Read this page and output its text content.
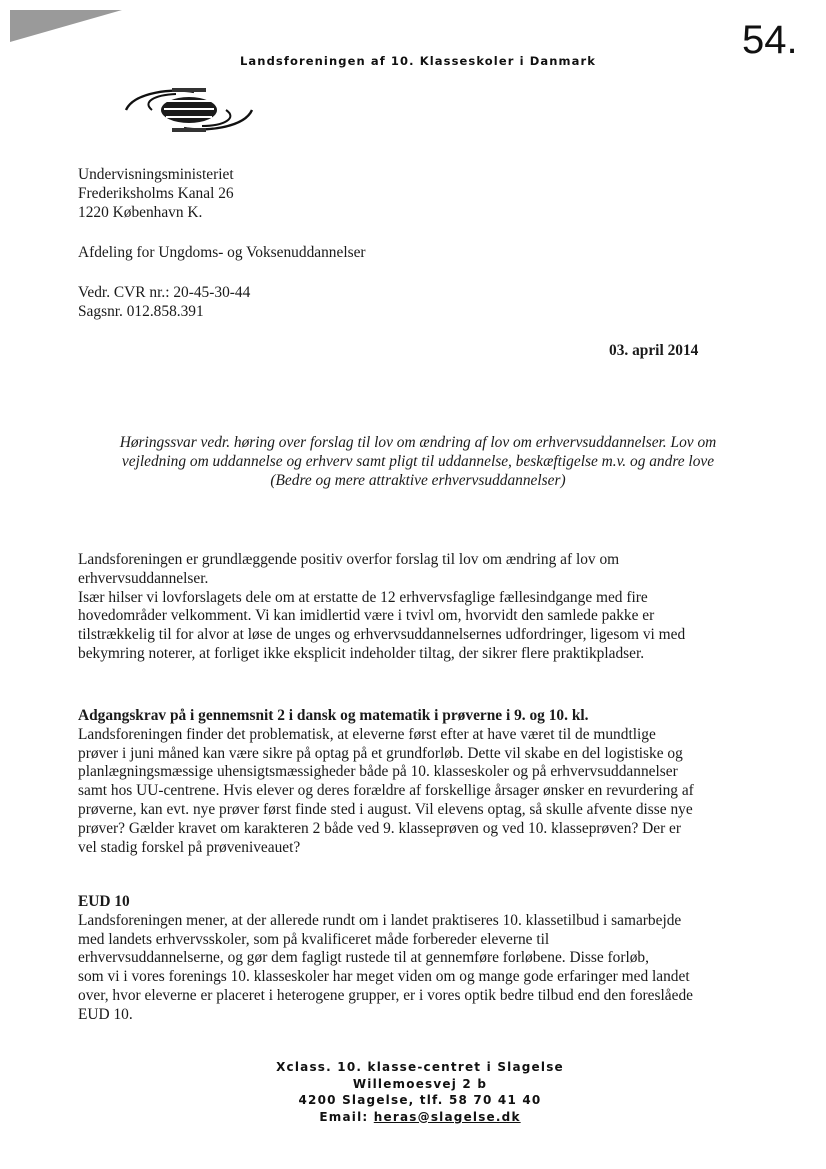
54.
Landsforeningen af 10. Klasseskoler i Danmark

Undervisningsministeriet

Frederiksholms Kanal 26

1220 København K.

Afdeling for Ungdoms- og Voksenuddannelser

Vedr. CVR nr.: 20-45-30-44

Sagsnr. 012.858.391

03. april 2014

Høringssvar vedr. høring over forslag til lov om ændring af lov om erhvervsuddannelser. Lov om

vejledning om uddannelse og erhverv samt pligt til uddannelse, beskæftigelse m.v. og andre love

(Bedre og mere attraktive erhvervsuddannelser)

Landsforeningen er grundlæggende positiv overfor forslag til lov om ændring af lov om

erhvervsuddannelser.

Især hilser vi lovforslagets dele om at erstatte de 12 erhvervsfaglige fællesindgange med fire

hovedområder velkomment. Vi kan imidlertid være i tvivl om, hvorvidt den samlede pakke er

tilstrækkelig til for alvor at løse de unges og erhvervsuddannelsernes udfordringer, ligesom vi med

bekymring noterer, at forliget ikke eksplicit indeholder tiltag, der sikrer flere praktikpladser.

Adgangskrav på i gennemsnit 2 i dansk og matematik i prøverne i 9. og 10. kl.

Landsforeningen finder det problematisk, at eleverne først efter at have været til de mundtlige

prøver i juni måned kan være sikre på optag på et grundforløb. Dette vil skabe en del logistiske og

planlægningsmæssige uhensigtsmæssigheder både på 10. klasseskoler og på erhvervsuddannelser

samt hos UU-centrene. Hvis elever og deres forældre af forskellige årsager ønsker en revurdering af

prøverne, kan evt. nye prøver først finde sted i august. Vil elevens optag, så skulle afvente disse nye

prøver? Gælder kravet om karakteren 2 både ved 9. klasseprøven og ved 10. klasseprøven? Der er

vel stadig forskel på prøveniveauet?

EUD 10

Landsforeningen mener, at der allerede rundt om i landet praktiseres 10. klassetilbud i samarbejde

med landets erhvervsskoler, som på kvalificeret måde forbereder eleverne til

erhvervsuddannelserne, og gør dem fagligt rustede til at gennemføre forløbene. Disse forløb,

som vi i vores forenings 10. klasseskoler har meget viden om og mange gode erfaringer med landet

over, hvor eleverne er placeret i heterogene grupper, er i vores optik bedre tilbud end den foreslåede

EUD 10.

Xclass. 10. klasse-centret i Slagelse

Willemoesvej 2 b

4200 Slagelse, tlf. 58 70 41 40

Email: heras@slagelse.dk
